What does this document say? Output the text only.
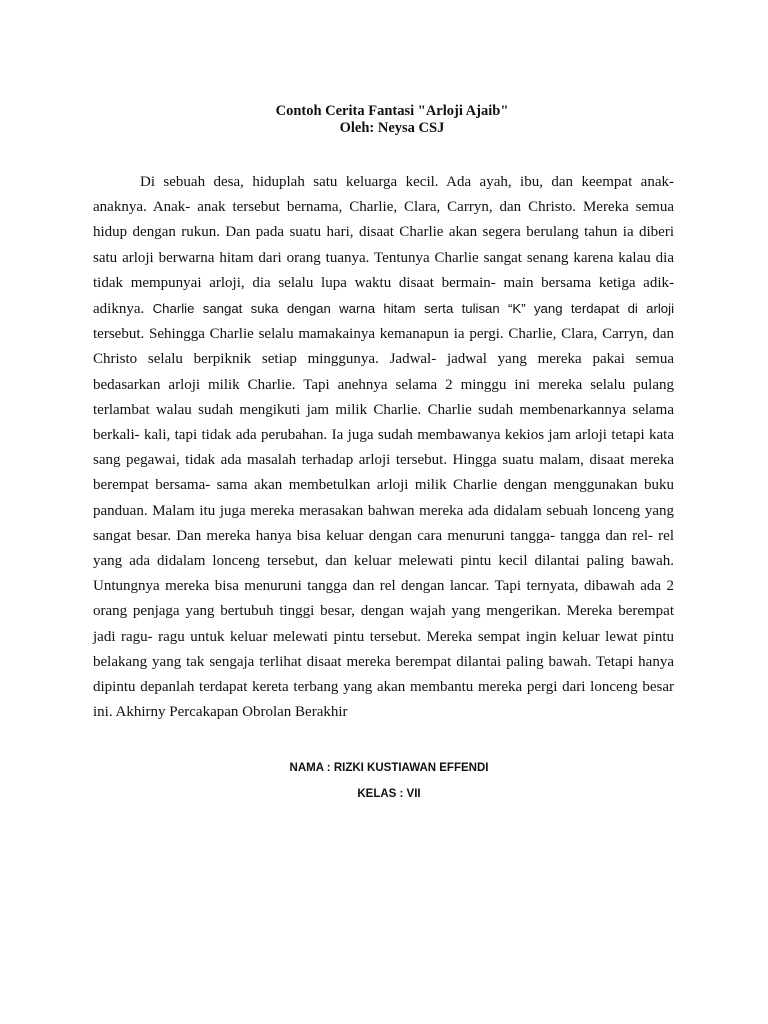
Contoh Cerita Fantasi "Arloji Ajaib"
Oleh: Neysa CSJ
Di sebuah desa, hiduplah satu keluarga kecil. Ada ayah, ibu, dan keempat anak-
anaknya. Anak- anak tersebut bernama, Charlie, Clara, Carryn, dan Christo. Mereka semua
hidup dengan rukun. Dan pada suatu hari, disaat Charlie akan segera berulang tahun ia diberi
satu arloji berwarna hitam dari orang tuanya. Tentunya Charlie sangat senang karena kalau dia
tidak mempunyai arloji, dia selalu lupa waktu disaat bermain- main bersama ketiga adik-
adiknya. Charlie sangat suka dengan warna hitam serta tulisan “K” yang terdapat di arloji
tersebut. Sehingga Charlie selalu mamakainya kemanapun ia pergi. Charlie, Clara, Carryn, dan
Christo selalu berpiknik setiap minggunya. Jadwal- jadwal yang mereka pakai semua
bedasarkan arloji milik Charlie. Tapi anehnya selama 2 minggu ini mereka selalu pulang
terlambat walau sudah mengikuti jam milik Charlie. Charlie sudah membenarkannya selama
berkali- kali, tapi tidak ada perubahan. Ia juga sudah membawanya kekios jam arloji tetapi kata
sang pegawai, tidak ada masalah terhadap arloji tersebut. Hingga suatu malam, disaat mereka
berempat bersama- sama akan membetulkan arloji milik Charlie dengan menggunakan buku
panduan. Malam itu juga mereka merasakan bahwan mereka ada didalam sebuah lonceng yang
sangat besar. Dan mereka hanya bisa keluar dengan cara menuruni tangga- tangga dan rel- rel
yang ada didalam lonceng tersebut, dan keluar melewati pintu kecil dilantai paling bawah.
Untungnya mereka bisa menuruni tangga dan rel dengan lancar. Tapi ternyata, dibawah ada 2
orang penjaga yang bertubuh tinggi besar, dengan wajah yang mengerikan. Mereka berempat
jadi ragu- ragu untuk keluar melewati pintu tersebut. Mereka sempat ingin keluar lewat pintu
belakang yang tak sengaja terlihat disaat mereka berempat dilantai paling bawah. Tetapi hanya
dipintu depanlah terdapat kereta terbang yang akan membantu mereka pergi dari lonceng besar
ini. Akhirny Percakapan Obrolan Berakhir
NAMA : RIZKI KUSTIAWAN EFFENDI
KELAS : VII
